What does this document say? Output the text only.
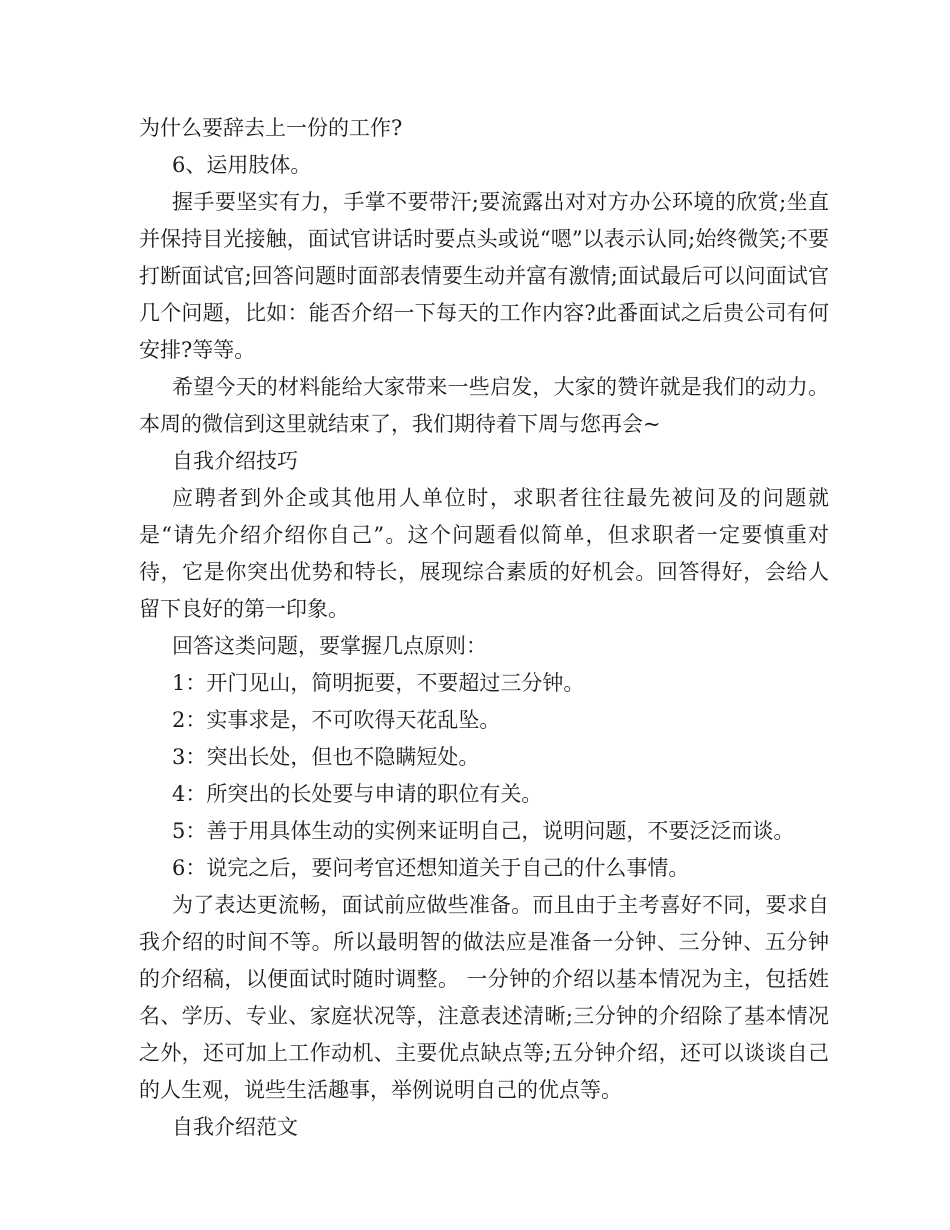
为什么要辞去上一份的工作?

6、运用肢体。

握手要坚实有力，手掌不要带汗;要流露出对对方办公环境的欣赏;坐直并保持目光接触，面试官讲话时要点头或说“嗯”以表示认同;始终微笑;不要打断面试官;回答问题时面部表情要生动并富有激情;面试最后可以问面试官几个问题，比如：能否介绍一下每天的工作内容?此番面试之后贵公司有何安排?等等。

希望今天的材料能给大家带来一些启发，大家的赞许就是我们的动力。本周的微信到这里就结束了，我们期待着下周与您再会~

自我介绍技巧

应聘者到外企或其他用人单位时，求职者往往最先被问及的问题就是“请先介绍介绍你自己”。这个问题看似简单，但求职者一定要慎重对待，它是你突出优势和特长，展现综合素质的好机会。回答得好，会给人留下良好的第一印象。

回答这类问题，要掌握几点原则：

1：开门见山，简明扼要，不要超过三分钟。

2：实事求是，不可吹得天花乱坠。

3：突出长处，但也不隐瞒短处。

4：所突出的长处要与申请的职位有关。

5：善于用具体生动的实例来证明自己，说明问题，不要泛泛而谈。

6：说完之后，要问考官还想知道关于自己的什么事情。

为了表达更流畅，面试前应做些准备。而且由于主考喜好不同，要求自我介绍的时间不等。所以最明智的做法应是准备一分钟、三分钟、五分钟的介绍稿，以便面试时随时调整。 一分钟的介绍以基本情况为主，包括姓名、学历、专业、家庭状况等，注意表述清晰;三分钟的介绍除了基本情况之外，还可加上工作动机、主要优点缺点等;五分钟介绍，还可以谈谈自己的人生观，说些生活趣事，举例说明自己的优点等。

自我介绍范文
